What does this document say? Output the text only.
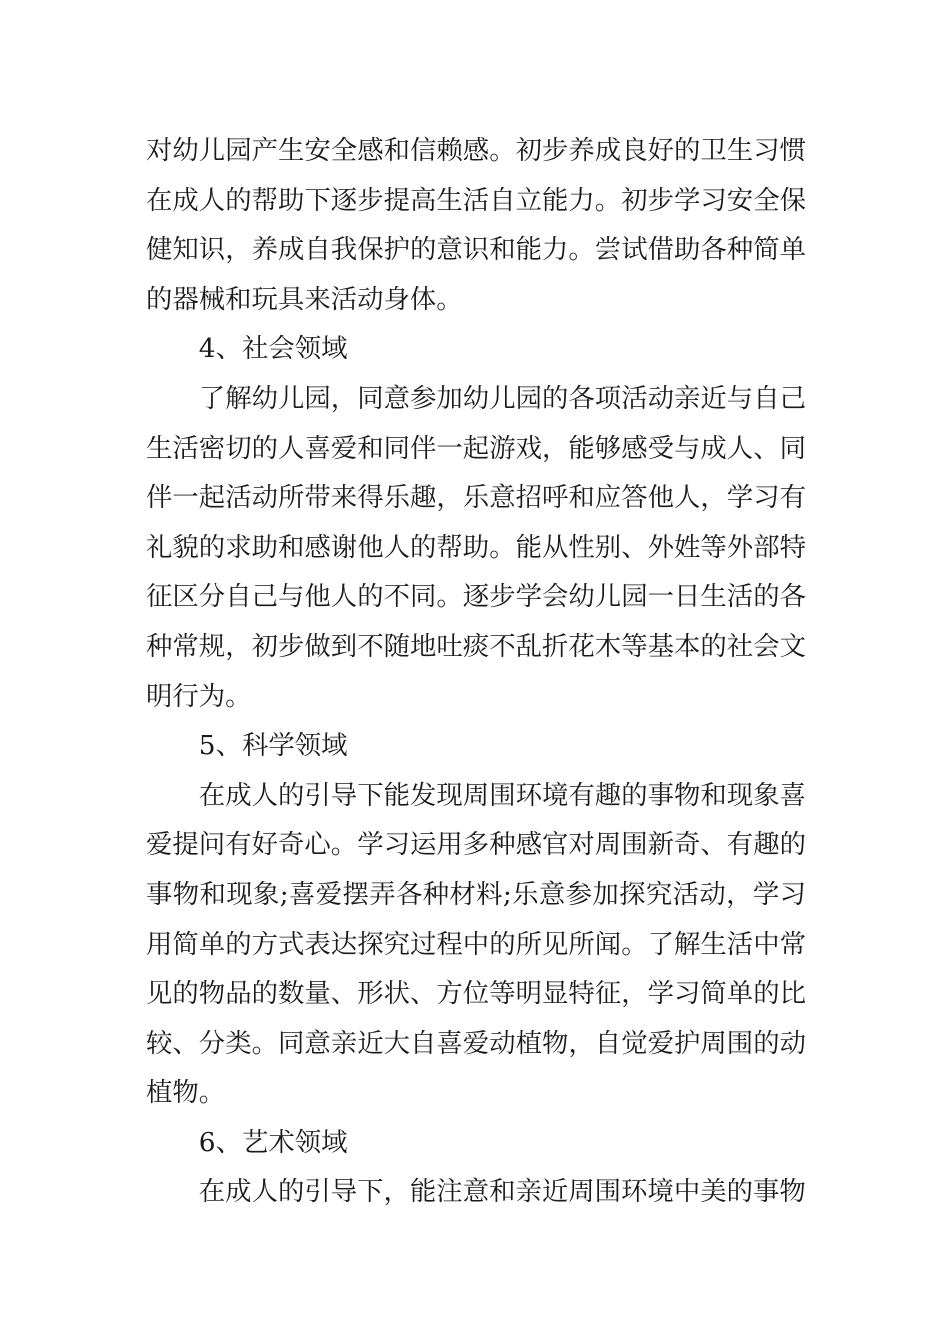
对幼儿园产生安全感和信赖感。初步养成良好的卫生习惯在成人的帮助下逐步提高生活自立能力。初步学习安全保健知识，养成自我保护的意识和能力。尝试借助各种简单的器械和玩具来活动身体。

4、社会领域

了解幼儿园，同意参加幼儿园的各项活动亲近与自己生活密切的人喜爱和同伴一起游戏，能够感受与成人、同伴一起活动所带来得乐趣，乐意招呼和应答他人，学习有礼貌的求助和感谢他人的帮助。能从性别、外姓等外部特征区分自己与他人的不同。逐步学会幼儿园一日生活的各种常规，初步做到不随地吐痰不乱折花木等基本的社会文明行为。

5、科学领域

在成人的引导下能发现周围环境有趣的事物和现象喜爱提问有好奇心。学习运用多种感官对周围新奇、有趣的事物和现象;喜爱摆弄各种材料;乐意参加探究活动，学习用简单的方式表达探究过程中的所见所闻。了解生活中常见的物品的数量、形状、方位等明显特征，学习简单的比较、分类。同意亲近大自喜爱动植物，自觉爱护周围的动植物。

6、艺术领域

在成人的引导下，能注意和亲近周围环境中美的事物
